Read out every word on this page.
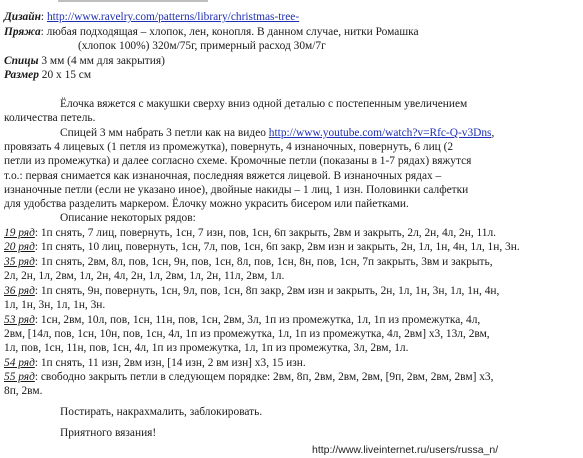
Дизайн: http://www.ravelry.com/patterns/library/christmas-tree-
Пряжа: любая подходящая – хлопок, лен, конопля. В данном случае, нитки Ромашка
(хлопок 100%) 320м/75г, примерный расход 30м/7г
Спицы 3 мм (4 мм для закрытия)
Размер 20 х 15 см
Ёлочка вяжется с макушки сверху вниз одной деталью с постепенным увеличением
количества петель.
Спицей 3 мм набрать 3 петли как на видео http://www.youtube.com/watch?v=Rfc-Q-v3Dns,
провязать 4 лицевых (1 петля из промежутка), повернуть, 4 изнаночных, повернуть, 6 лиц (2
петли из промежутка) и далее согласно схеме. Кромочные петли (показаны в 1-7 рядах) вяжутся
т.о.: первая снимается как изнаночная, последняя вяжется лицевой. В изнаночных рядах –
изнаночные петли (если не указано иное), двойные накиды – 1 лиц, 1 изн. Половинки салфетки
для удобства разделить маркером. Ёлочку можно украсить бисером или пайетками.
Описание некоторых рядов:
19 ряд: 1п снять, 7 лиц, повернуть, 1сн, 7 изн, пов, 1сн, 6п закрыть, 2вм и закрыть, 2л, 2н, 4л, 2н, 11л.
20 ряд: 1п снять, 10 лиц, повернуть, 1сн, 7л, пов, 1сн, 6п закр, 2вм изн и закрыть, 2н, 1л, 1н, 4н, 1л, 1н, 3н.
35 ряд: 1п снять, 2вм, 8л, пов, 1сн, 9н, пов, 1сн, 8л, пов, 1сн, 8н, пов, 1сн, 7п закрыть, 3вм и закрыть,
2л, 2н, 1л, 2вм, 1л, 2н, 4л, 2н, 1л, 2вм, 1л, 2н, 11л, 2вм, 1л.
36 ряд: 1п снять, 9н, повернуть, 1сн, 9л, пов, 1сн, 8п закр, 2вм изн и закрыть, 2н, 1л, 1н, 3н, 1л, 1н, 4н,
1л, 1н, 3н, 1л, 1н, 3н.
53 ряд: 1сн, 2вм, 10л, пов, 1сн, 11н, пов, 1сн, 2вм, 3л, 1п из промежутка, 1л, 1п из промежутка, 4л,
2вм, [14л, пов, 1сн, 10н, пов, 1сн, 4л, 1п из промежутка, 1л, 1п из промежутка, 4л, 2вм] х3, 13л, 2вм,
1л, пов, 1сн, 11н, пов, 1сн, 4л, 1п из промежутка, 1л, 1п из промежутка, 3л, 2вм, 1л.
54 ряд: 1п снять, 11 изн, 2вм изн, [14 изн, 2 вм изн] х3, 15 изн.
55 ряд: свободно закрыть петли в следующем порядке: 2вм, 8п, 2вм, 2вм, 2вм, [9п, 2вм, 2вм, 2вм] х3,
8п, 2вм.
Постирать, накрахмалить, заблокировать.
Приятного вязания!
http://www.liveinternet.ru/users/russa_n/
